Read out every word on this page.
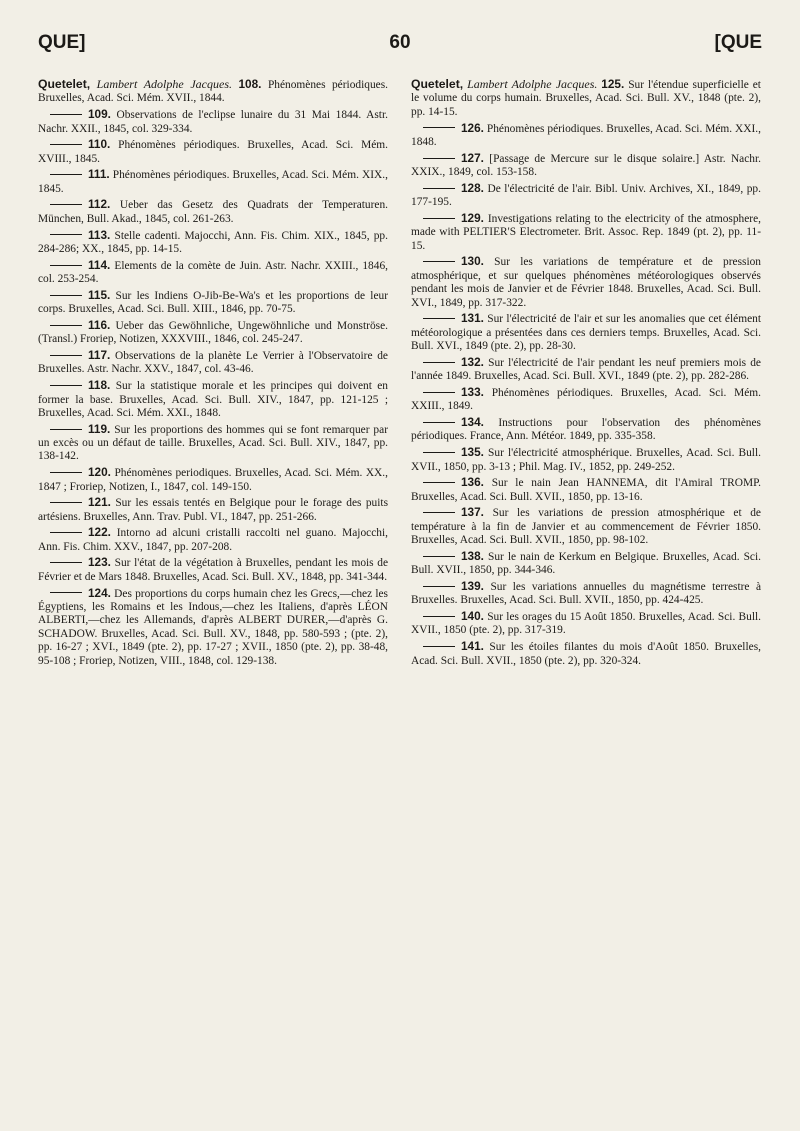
QUE]	60	[QUE

Quetelet, Lambert Adolphe Jacques. 108. Phénomènes périodiques. Bruxelles, Acad. Sci. Mém. XVII., 1844.

109. Observations de l'eclipse lunaire du 31 Mai 1844. Astr. Nachr. XXII., 1845, col. 329-334.

110. Phénomènes périodiques. Bruxelles, Acad. Sci. Mém. XVIII., 1845.

111. Phénomènes périodiques. Bruxelles, Acad. Sci. Mém. XIX., 1845.

112. Ueber das Gesetz des Quadrats der Temperaturen. München, Bull. Akad., 1845, col. 261-263.

113. Stelle cadenti. Majocchi, Ann. Fis. Chim. XIX., 1845, pp. 284-286; XX., 1845, pp. 14-15.

114. Elements de la comète de Juin. Astr. Nachr. XXIII., 1846, col. 253-254.

115. Sur les Indiens O-Jib-Be-Wa's et les proportions de leur corps. Bruxelles, Acad. Sci. Bull. XIII., 1846, pp. 70-75.

116. Ueber das Gewöhnliche, Ungewöhnliche und Monströse. (Transl.) Froriep, Notizen, XXXVIII., 1846, col. 245-247.

117. Observations de la planète Le Verrier à l'Observatoire de Bruxelles. Astr. Nachr. XXV., 1847, col. 43-46.

118. Sur la statistique morale et les principes qui doivent en former la base. Bruxelles, Acad. Sci. Bull. XIV., 1847, pp. 121-125 ; Bruxelles, Acad. Sci. Mém. XXI., 1848.

119. Sur les proportions des hommes qui se font remarquer par un excès ou un défaut de taille. Bruxelles, Acad. Sci. Bull. XIV., 1847, pp. 138-142.

120. Phénomènes periodiques. Bruxelles, Acad. Sci. Mém. XX., 1847 ; Froriep, Notizen, I., 1847, col. 149-150.

121. Sur les essais tentés en Belgique pour le forage des puits artésiens. Bruxelles, Ann. Trav. Publ. VI., 1847, pp. 251-266.

122. Intorno ad alcuni cristalli raccolti nel guano. Majocchi, Ann. Fis. Chim. XXV., 1847, pp. 207-208.

123. Sur l'état de la végétation à Bruxelles, pendant les mois de Février et de Mars 1848. Bruxelles, Acad. Sci. Bull. XV., 1848, pp. 341-344.

124. Des proportions du corps humain chez les Grecs,—chez les Égyptiens, les Romains et les Indous,—chez les Italiens, d'après LÉON ALBERTI,—chez les Allemands, d'après ALBERT DURER,—d'après G. SCHADOW. Bruxelles, Acad. Sci. Bull. XV., 1848, pp. 580-593 ; (pte. 2), pp. 16-27 ; XVI., 1849 (pte. 2), pp. 17-27 ; XVII., 1850 (pte. 2), pp. 38-48, 95-108 ; Froriep, Notizen, VIII., 1848, col. 129-138.

Quetelet, Lambert Adolphe Jacques. 125. Sur l'étendue superficielle et le volume du corps humain. Bruxelles, Acad. Sci. Bull. XV., 1848 (pte. 2), pp. 14-15.

126. Phénomènes périodiques. Bruxelles, Acad. Sci. Mém. XXI., 1848.

127. [Passage de Mercure sur le disque solaire.] Astr. Nachr. XXIX., 1849, col. 153-158.

128. De l'électricité de l'air. Bibl. Univ. Archives, XI., 1849, pp. 177-195.

129. Investigations relating to the electricity of the atmosphere, made with PELTIER'S Electrometer. Brit. Assoc. Rep. 1849 (pt. 2), pp. 11-15.

130. Sur les variations de température et de pression atmosphérique, et sur quelques phénomènes météorologiques observés pendant les mois de Janvier et de Février 1848. Bruxelles, Acad. Sci. Bull. XVI., 1849, pp. 317-322.

131. Sur l'électricité de l'air et sur les anomalies que cet élément météorologique a présentées dans ces derniers temps. Bruxelles, Acad. Sci. Bull. XVI., 1849 (pte. 2), pp. 28-30.

132. Sur l'électricité de l'air pendant les neuf premiers mois de l'année 1849. Bruxelles, Acad. Sci. Bull. XVI., 1849 (pte. 2), pp. 282-286.

133. Phénomènes périodiques. Bruxelles, Acad. Sci. Mém. XXIII., 1849.

134. Instructions pour l'observation des phénomènes périodiques. France, Ann. Météor. 1849, pp. 335-358.

135. Sur l'électricité atmosphérique. Bruxelles, Acad. Sci. Bull. XVII., 1850, pp. 3-13 ; Phil. Mag. IV., 1852, pp. 249-252.

136. Sur le nain Jean HANNEMA, dit l'Amiral TROMP. Bruxelles, Acad. Sci. Bull. XVII., 1850, pp. 13-16.

137. Sur les variations de pression atmosphérique et de température à la fin de Janvier et au commencement de Février 1850. Bruxelles, Acad. Sci. Bull. XVII., 1850, pp. 98-102.

138. Sur le nain de Kerkum en Belgique. Bruxelles, Acad. Sci. Bull. XVII., 1850, pp. 344-346.

139. Sur les variations annuelles du magnétisme terrestre à Bruxelles. Bruxelles, Acad. Sci. Bull. XVII., 1850, pp. 424-425.

140. Sur les orages du 15 Août 1850. Bruxelles, Acad. Sci. Bull. XVII., 1850 (pte. 2), pp. 317-319.

141. Sur les étoiles filantes du mois d'Août 1850. Bruxelles, Acad. Sci. Bull. XVII., 1850 (pte. 2), pp. 320-324.
